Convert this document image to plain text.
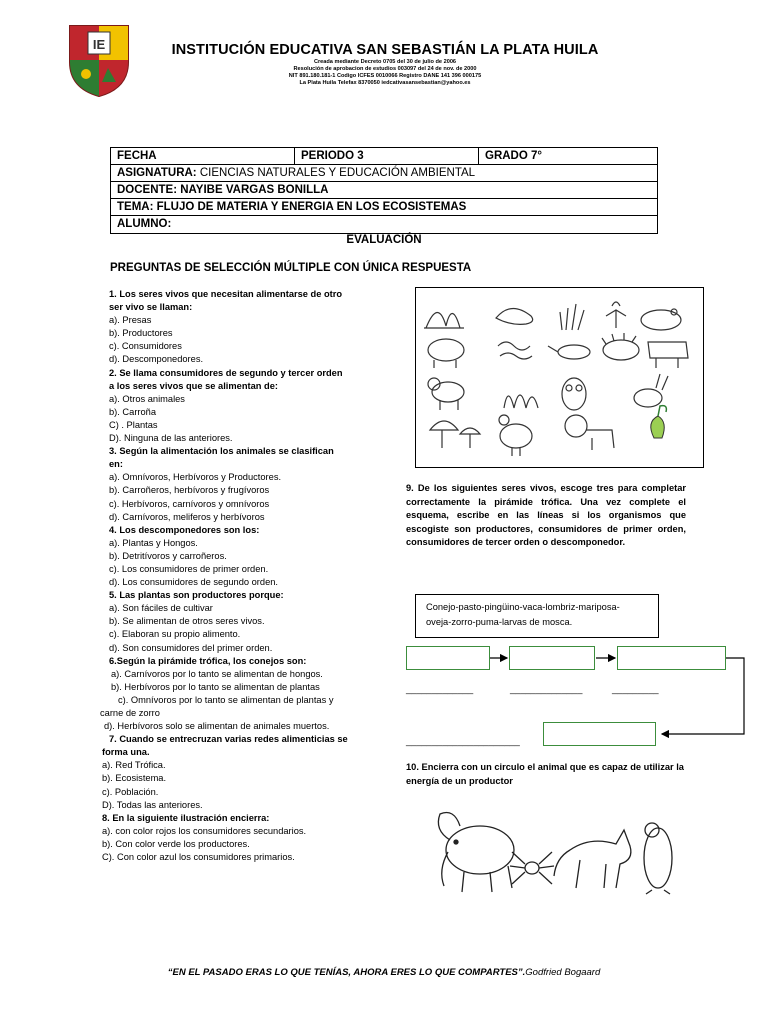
IE	INSTITUCIÓN EDUCATIVA SAN SEBASTIÁN LA PLATA HUILA
Creada mediante Decreto 0705 del 30 de julio de 2006
Resolución de aprobacion de estudios 003097 del 24 de nov. de 2000
NIT 891.180.181-1 Codigo ICFES 0010066 Registro DANE 141 396 000175
La Plata Huila Telefax 8370050 iedcativasansebastian@yahoo.es
FECHA	PERIODO 3	GRADO 7°
ASIGNATURA: CIENCIAS NATURALES Y EDUCACIÓN AMBIENTAL
DOCENTE: NAYIBE VARGAS BONILLA
TEMA: FLUJO DE MATERIA Y ENERGIA EN LOS ECOSISTEMAS
ALUMNO:
EVALUACIÓN
PREGUNTAS DE SELECCIÓN MÚLTIPLE CON ÚNICA RESPUESTA
1. Los seres vivos que necesitan alimentarse de otro
ser vivo se llaman:
a). Presas
b). Productores
c). Consumidores
d). Descomponedores.
2. Se llama consumidores de segundo y tercer orden
a los seres vivos que se alimentan de:
a). Otros animales
b). Carroña
C) . Plantas
D). Ninguna de las anteriores.
3. Según la alimentación los animales se clasifican
en:
a). Omnívoros, Herbívoros y Productores.
b). Carroñeros, herbívoros y frugívoros
c). Herbívoros, carnívoros y omnívoros
d). Carnívoros, meliferos y herbívoros
4. Los descomponedores son los:
a). Plantas y Hongos.
b). Detritívoros y carroñeros.
c). Los consumidores de primer orden.
d). Los consumidores de segundo orden.
5. Las plantas son productores porque:
a). Son fáciles de cultivar
b). Se alimentan de otros seres vivos.
c). Elaboran su propio alimento.
d). Son consumidores del primer orden.
6.Según la pirámide trófica, los conejos son:
a). Carnívoros por lo tanto se alimentan de hongos.
b). Herbívoros por lo tanto se alimentan de plantas
c). Omnívoros por lo tanto se alimentan de plantas y
carne de zorro
d). Herbívoros solo se alimentan de animales muertos.
7. Cuando se entrecruzan varias redes alimenticias se
forma una.
a). Red Trófica.
b). Ecosistema.
c). Población.
D). Todas las anteriores.
8. En la siguiente ilustración encierra:
a). con color rojos los consumidores secundarios.
b). Con color verde los productores.
C). Con color azul los consumidores primarios.
9. De los siguientes seres vivos, escoge tres para completar correctamente la pirámide trófica. Una vez complete el esquema, escribe en las líneas si los organismos que escogiste son productores, consumidores de primer orden, consumidores de tercer orden o descomponedor.
Conejo-pasto-pingüino-vaca-lombriz-mariposa-
oveja-zorro-puma-larvas de mosca.
_____________	______________	_________
______________________
10. Encierra con un circulo el animal que es capaz de utilizar la energía de un productor
“EN EL PASADO ERAS LO QUE TENÍAS, AHORA ERES LO QUE COMPARTES”.Godfried Bogaard
